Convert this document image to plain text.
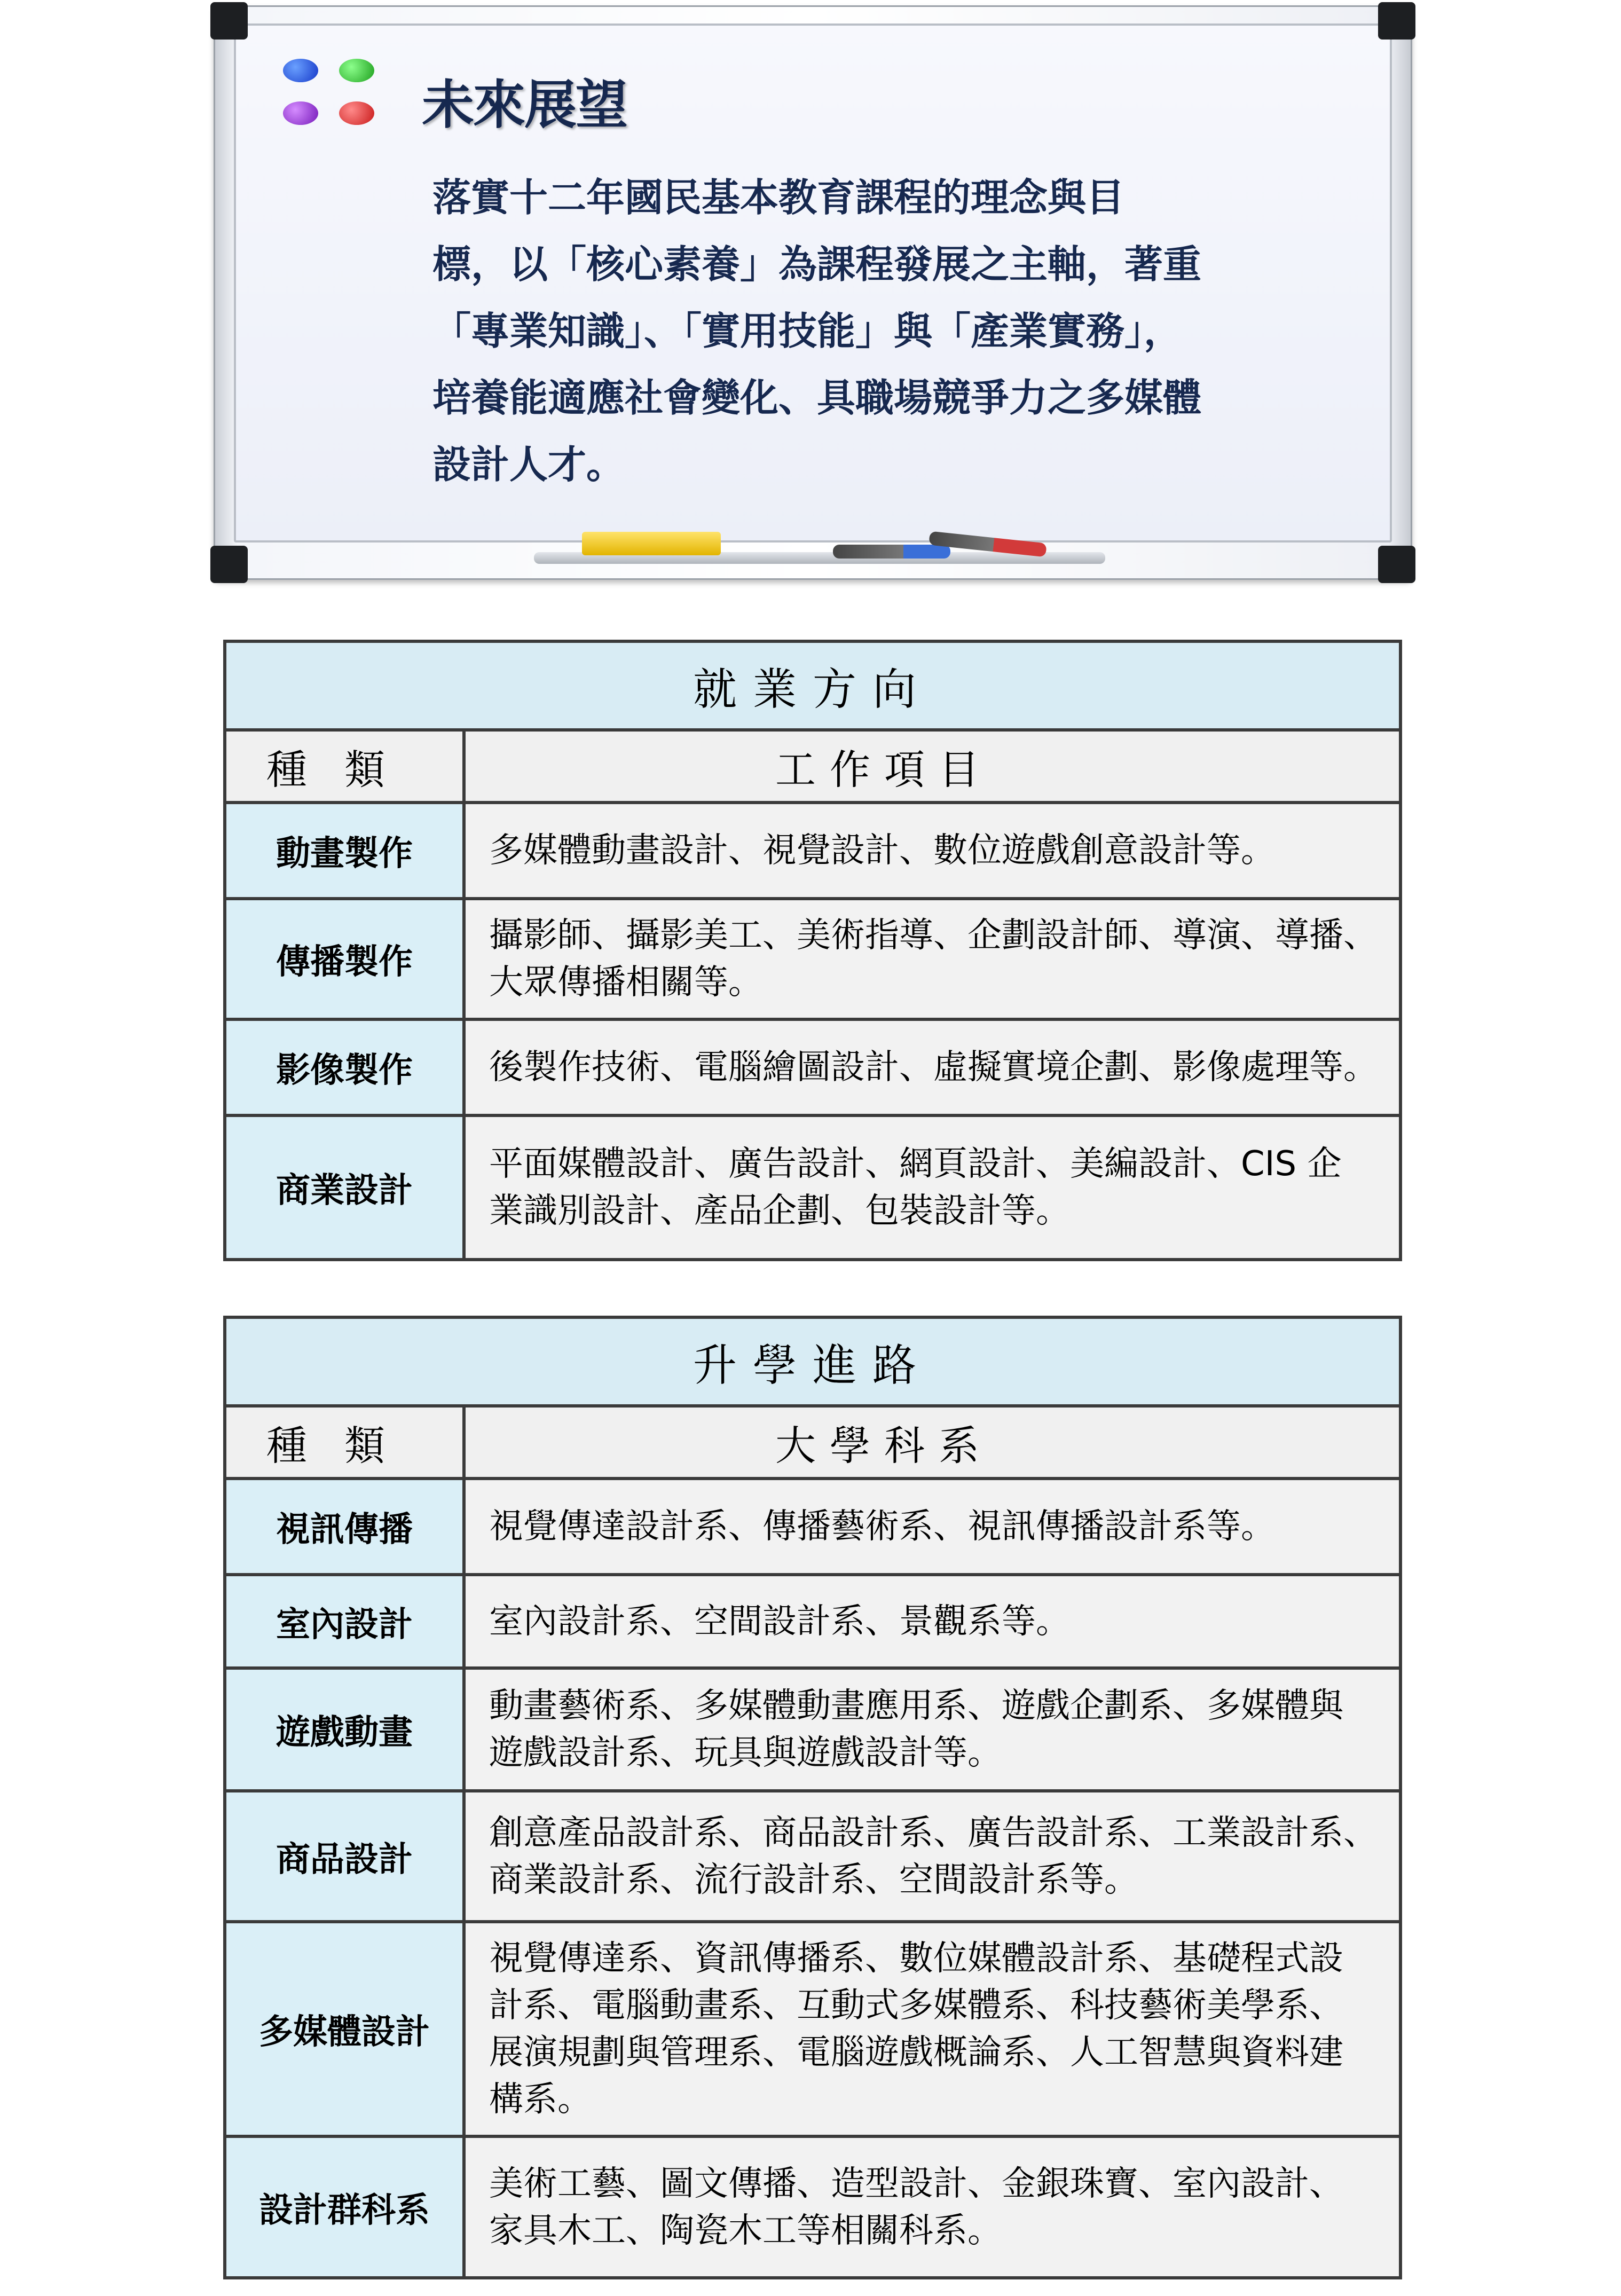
未來展望
落實十二年國民基本教育課程的理念與目
標，以「核心素養」為課程發展之主軸，著重
「專業知識」、「實用技能」與「產業實務」，
培養能適應社會變化、具職場競爭力之多媒體
設計人才。
就業方向	
種類	工作項目
動畫製作	多媒體動畫設計、視覺設計、數位遊戲創意設計等。

傳播製作	攝影師、攝影美工、美術指導、企劃設計師、導演、導播、
大眾傳播相關等。

影像製作	後製作技術、電腦繪圖設計、虛擬實境企劃、影像處理等。

商業設計	平面媒體設計、廣告設計、網頁設計、美編設計、CIS 企
業識別設計、產品企劃、包裝設計等。
升學進路	
種類	大學科系
視訊傳播	視覺傳達設計系、傳播藝術系、視訊傳播設計系等。

室內設計	室內設計系、空間設計系、景觀系等。

遊戲動畫	動畫藝術系、多媒體動畫應用系、遊戲企劃系、多媒體與
遊戲設計系、玩具與遊戲設計等。

商品設計	創意產品設計系、商品設計系、廣告設計系、工業設計系、
商業設計系、流行設計系、空間設計系等。

多媒體設計	視覺傳達系、資訊傳播系、數位媒體設計系、基礎程式設
計系、電腦動畫系、互動式多媒體系、科技藝術美學系、
展演規劃與管理系、電腦遊戲概論系、人工智慧與資料建
構系。

設計群科系	美術工藝、圖文傳播、造型設計、金銀珠寶、室內設計、
家具木工、陶瓷木工等相關科系。
